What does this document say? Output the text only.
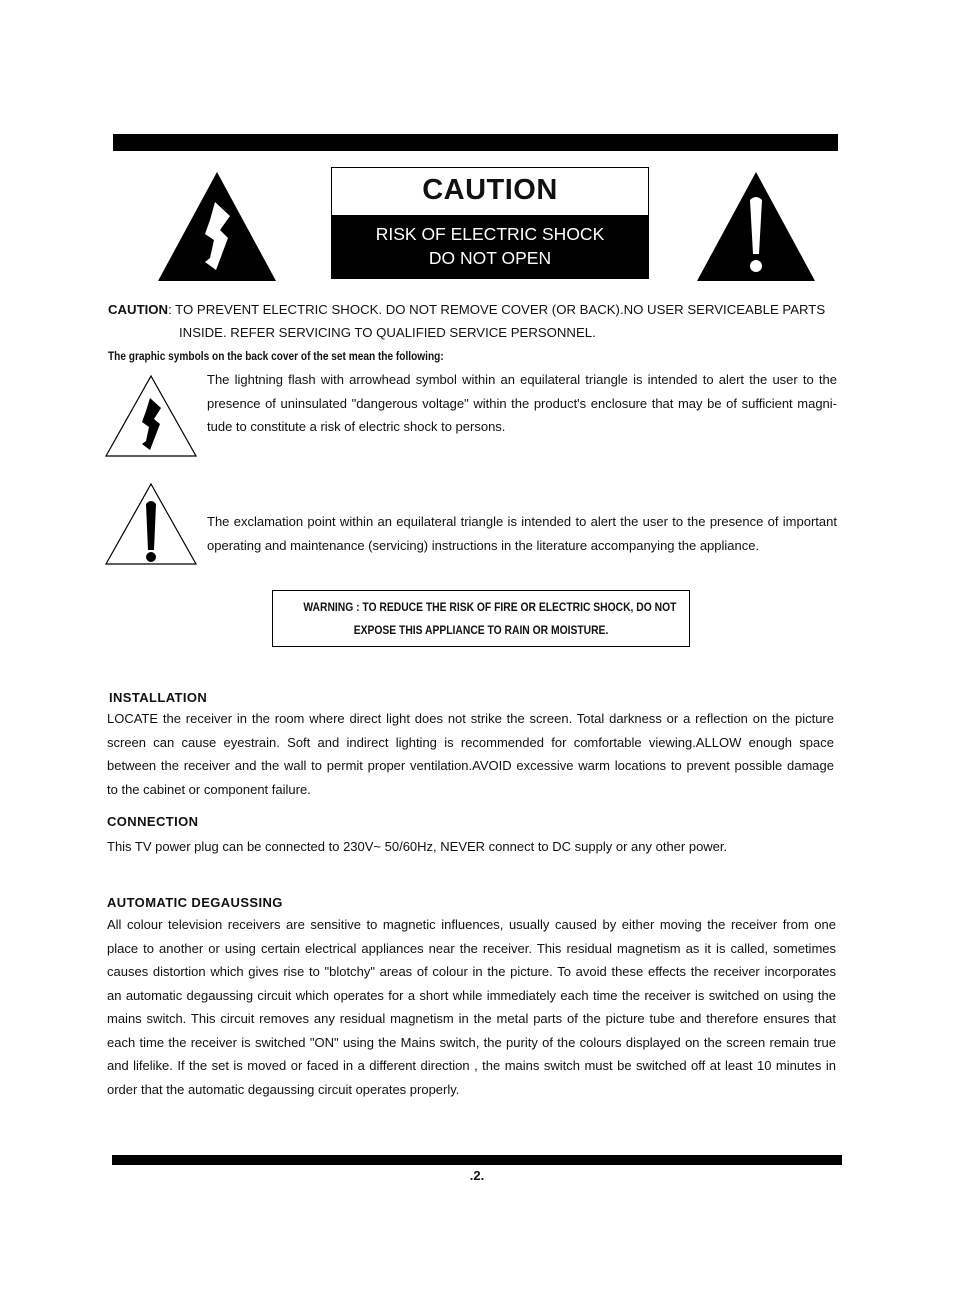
CAUTION
RISK OF ELECTRIC SHOCK
DO NOT OPEN
CAUTION: TO PREVENT ELECTRIC SHOCK. DO NOT REMOVE COVER (OR BACK).NO USER SERVICEABLE PARTS
INSIDE. REFER SERVICING TO QUALIFIED SERVICE PERSONNEL.
The graphic symbols on the back cover of the set mean the following:
The lightning flash with arrowhead symbol within an equilateral triangle is intended to alert the user to the
presence of uninsulated "dangerous voltage" within the product's enclosure that may be of sufficient magni-
tude to constitute a risk of electric shock to persons.
The exclamation point within an equilateral triangle is intended to alert the user to the presence of important
operating and maintenance (servicing) instructions in the literature accompanying the appliance.
WARNING : TO REDUCE THE RISK OF FIRE OR ELECTRIC SHOCK, DO NOT
EXPOSE THIS APPLIANCE TO RAIN OR MOISTURE.
INSTALLATION
LOCATE the receiver in the room where direct light does not strike the screen. Total darkness or a reflection on the picture
screen can cause eyestrain. Soft and indirect lighting is recommended for comfortable viewing.ALLOW enough space
between the receiver and the wall to permit proper ventilation.AVOID excessive warm locations to prevent possible damage
to the cabinet or component failure.
CONNECTION
This TV power plug can be connected to 230V~ 50/60Hz, NEVER connect to DC supply or any other power.
AUTOMATIC DEGAUSSING
All colour television receivers are sensitive to magnetic influences, usually caused by either moving the receiver from one
place to another or using certain electrical appliances near the receiver. This residual magnetism as it is called, sometimes
causes distortion which gives rise to "blotchy" areas of colour in the picture. To avoid these effects the receiver incorporates
an automatic degaussing circuit which operates for a short while immediately each time the receiver is switched on using the
mains switch. This circuit removes any residual magnetism in the metal parts of the picture tube and therefore ensures that
each time the receiver is switched "ON" using the Mains switch, the purity of the colours displayed on the screen remain true
and lifelike. If the set is moved or faced in a different direction , the mains switch must be switched off at least 10 minutes in
order that the automatic degaussing circuit operates properly.
.2.
